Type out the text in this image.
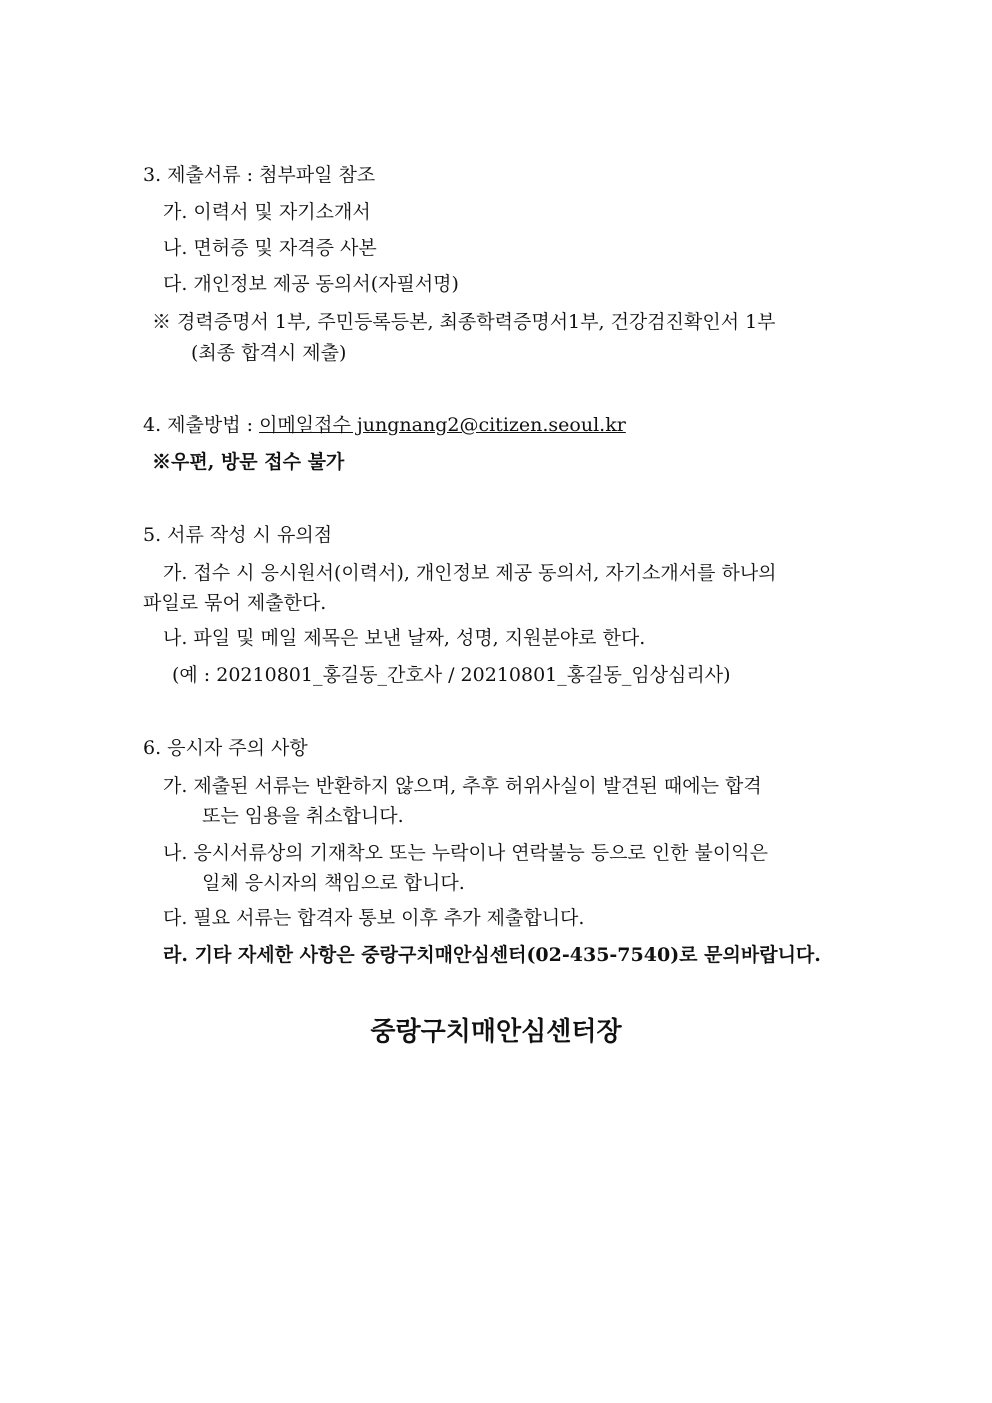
3. 제출서류 : 첨부파일 참조
가. 이력서 및 자기소개서
나. 면허증 및 자격증 사본
다. 개인정보 제공 동의서(자필서명)
※ 경력증명서 1부, 주민등록등본, 최종학력증명서1부, 건강검진확인서 1부
(최종 합격시 제출)
4. 제출방법 : 이메일접수 jungnang2@citizen.seoul.kr
※우편, 방문 접수 불가
5. 서류 작성 시 유의점
가. 접수 시 응시원서(이력서), 개인정보 제공 동의서, 자기소개서를 하나의
파일로 묶어 제출한다.
나. 파일 및 메일 제목은 보낸 날짜, 성명, 지원분야로 한다.
(예 : 20210801_홍길동_간호사 / 20210801_홍길동_임상심리사)
6. 응시자 주의 사항
가. 제출된 서류는 반환하지 않으며, 추후 허위사실이 발견된 때에는 합격
또는 임용을 취소합니다.
나. 응시서류상의 기재착오 또는 누락이나 연락불능 등으로 인한 불이익은
일체 응시자의 책임으로 합니다.
다. 필요 서류는 합격자 통보 이후 추가 제출합니다.
라. 기타 자세한 사항은 중랑구치매안심센터(02-435-7540)로 문의바랍니다.
중랑구치매안심센터장
